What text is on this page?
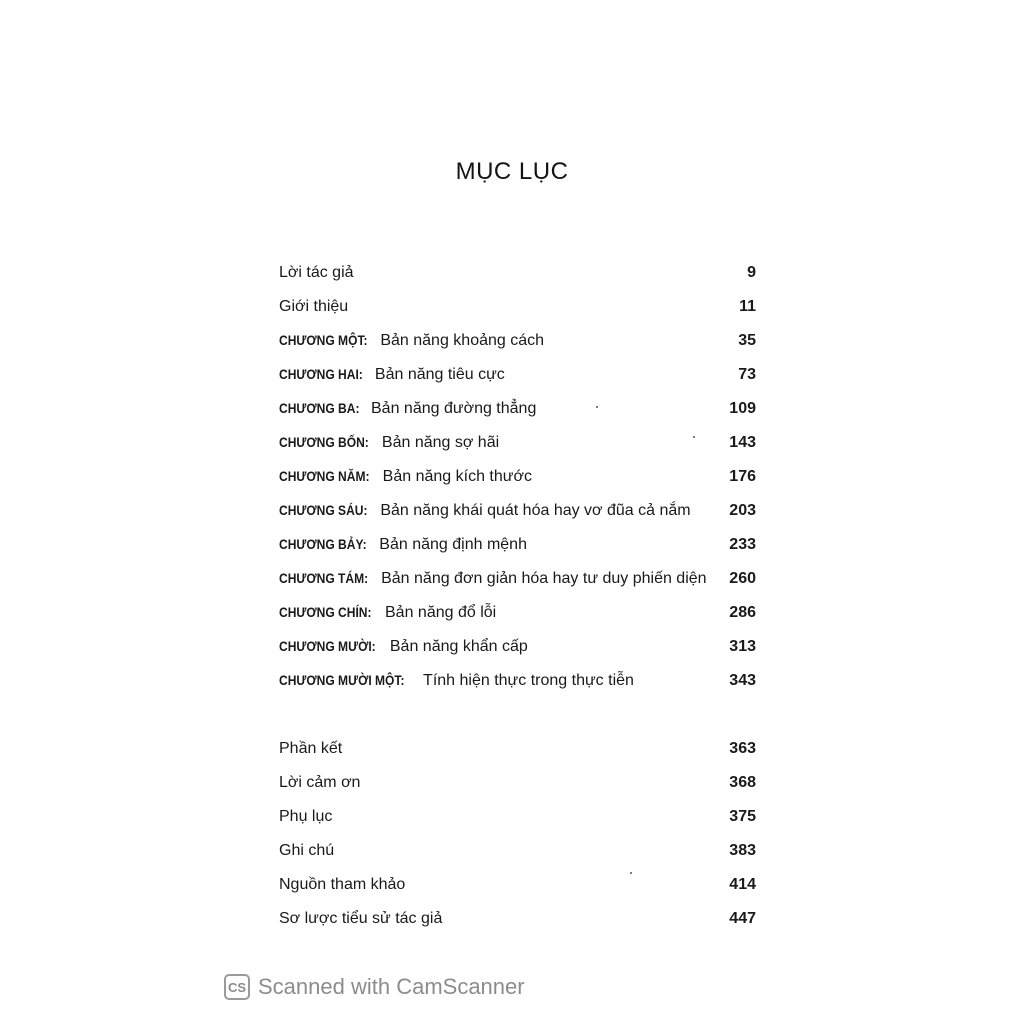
MỤC LỤC
Lời tác giả	9
Giới thiệu	11
CHƯƠNG MỘT: Bản năng khoảng cách	35
CHƯƠNG HAI: Bản năng tiêu cực	73
CHƯƠNG BA: Bản năng đường thẳng	109
CHƯƠNG BỐN: Bản năng sợ hãi	143
CHƯƠNG NĂM: Bản năng kích thước	176
CHƯƠNG SÁU: Bản năng khái quát hóa hay vơ đũa cả nắm	203
CHƯƠNG BẢY: Bản năng định mệnh	233
CHƯƠNG TÁM: Bản năng đơn giản hóa hay tư duy phiến diện	260
CHƯƠNG CHÍN: Bản năng đổ lỗi	286
CHƯƠNG MƯỜI: Bản năng khẩn cấp	313
CHƯƠNG MƯỜI MỘT: Tính hiện thực trong thực tiễn	343
Phần kết	363
Lời cảm ơn	368
Phụ lục	375
Ghi chú	383
Nguồn tham khảo	414
Sơ lược tiểu sử tác giả	447
CS Scanned with CamScanner
